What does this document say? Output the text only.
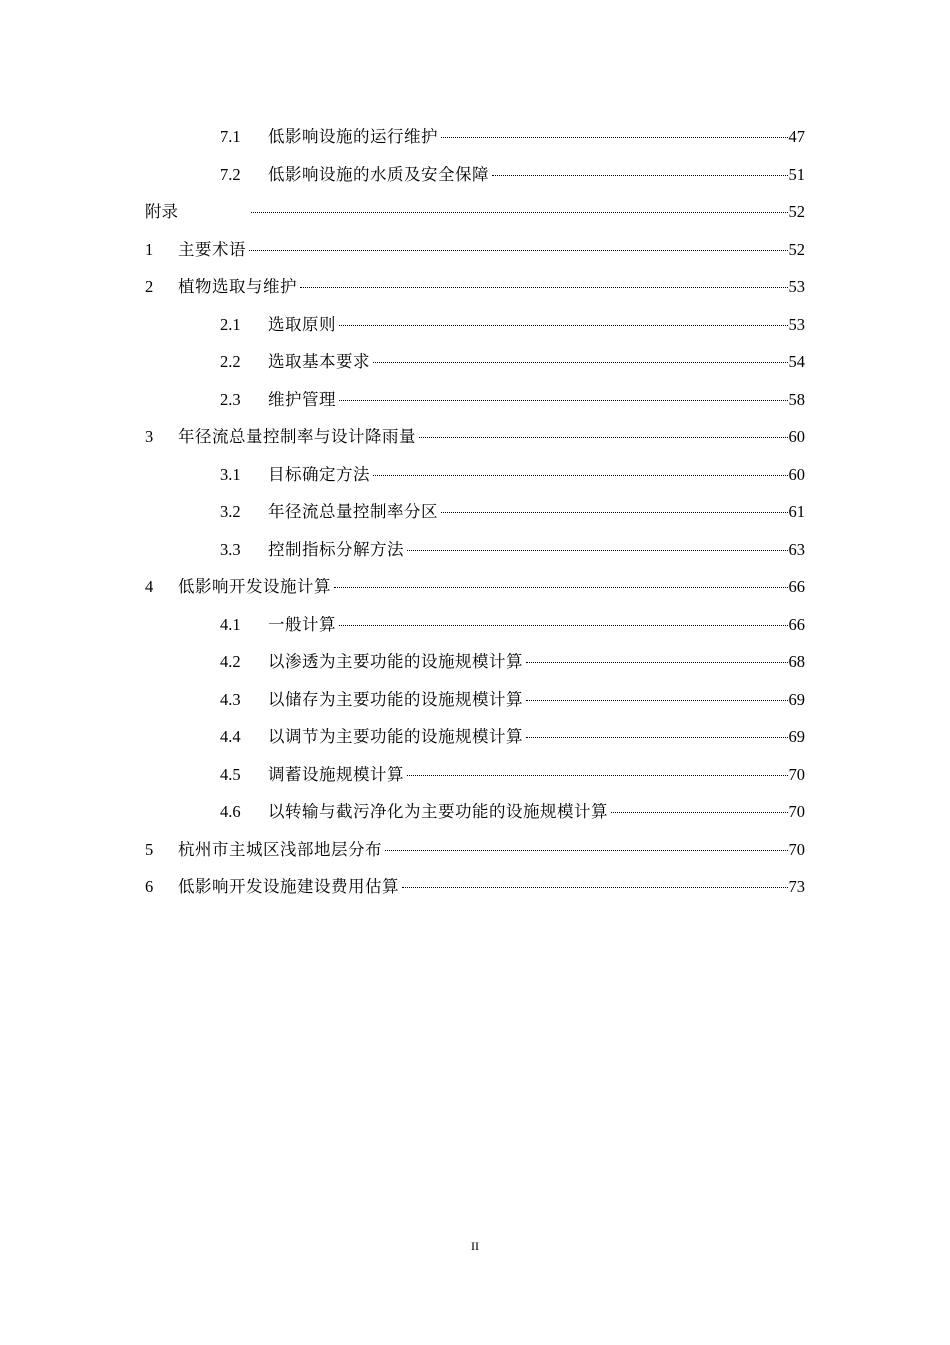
7.1	低影响设施的运行维护	47
7.2	低影响设施的水质及安全保障	51
附录	52
1	主要术语	52
2	植物选取与维护	53
2.1	选取原则	53
2.2	选取基本要求	54
2.3	维护管理	58
3	年径流总量控制率与设计降雨量	60
3.1	目标确定方法	60
3.2	年径流总量控制率分区	61
3.3	控制指标分解方法	63
4	低影响开发设施计算	66
4.1	一般计算	66
4.2	以渗透为主要功能的设施规模计算	68
4.3	以储存为主要功能的设施规模计算	69
4.4	以调节为主要功能的设施规模计算	69
4.5	调蓄设施规模计算	70
4.6	以转输与截污净化为主要功能的设施规模计算	70
5	杭州市主城区浅部地层分布	70
6	低影响开发设施建设费用估算	73
II
